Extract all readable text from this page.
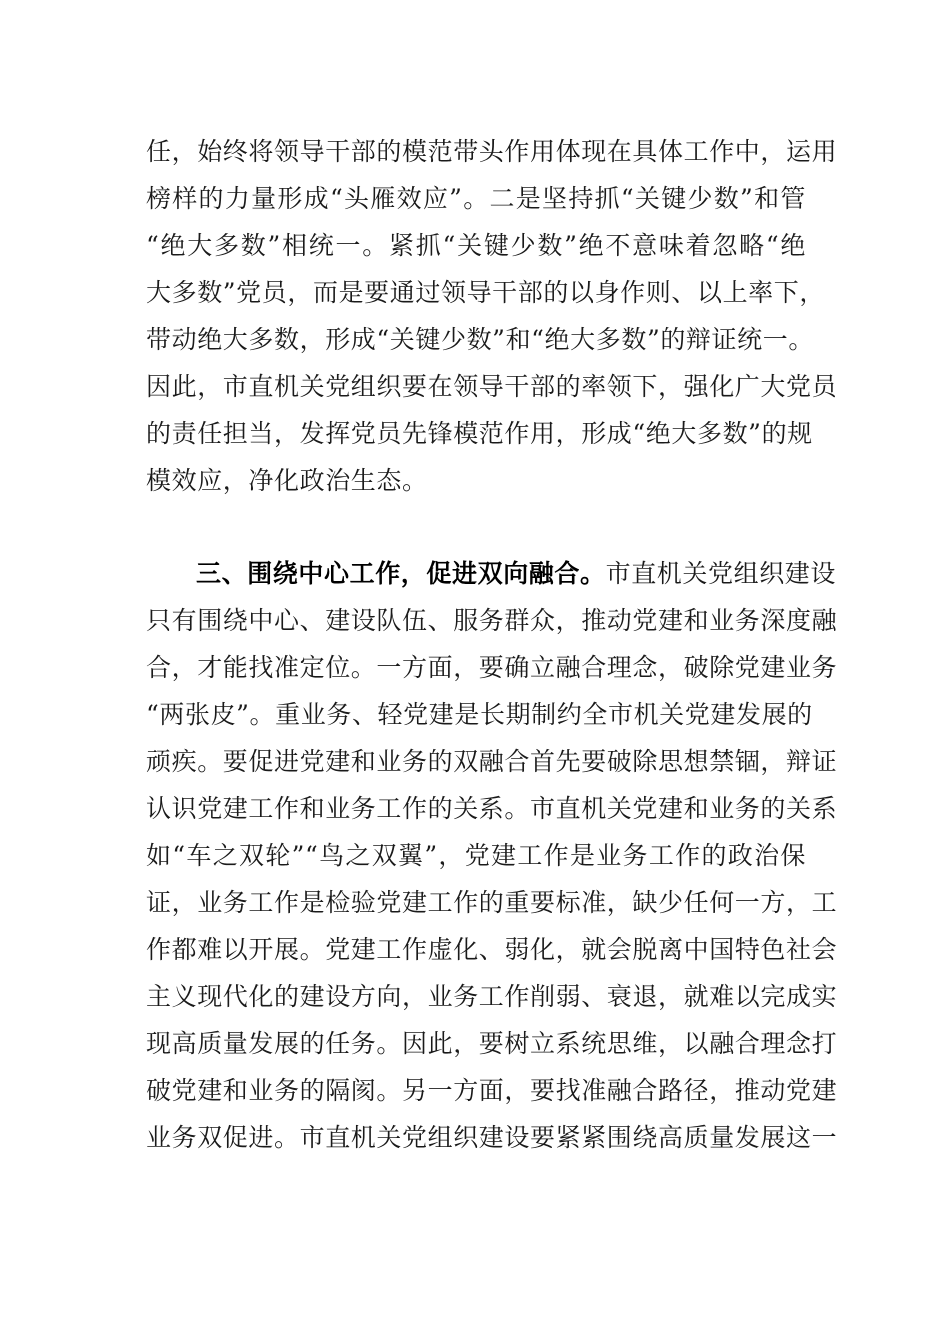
任，始终将领导干部的模范带头作用体现在具体工作中，运用
榜样的力量形成“头雁效应”。二是坚持抓“关键少数”和管
“绝大多数”相统一。紧抓“关键少数”绝不意味着忽略“绝
大多数”党员，而是要通过领导干部的以身作则、以上率下，
带动绝大多数，形成“关键少数”和“绝大多数”的辩证统一。
因此，市直机关党组织要在领导干部的率领下，强化广大党员
的责任担当，发挥党员先锋模范作用，形成“绝大多数”的规
模效应，净化政治生态。
三、围绕中心工作，促进双向融合。市直机关党组织建设
只有围绕中心、建设队伍、服务群众，推动党建和业务深度融
合，才能找准定位。一方面，要确立融合理念，破除党建业务
“两张皮”。重业务、轻党建是长期制约全市机关党建发展的
顽疾。要促进党建和业务的双融合首先要破除思想禁锢，辩证
认识党建工作和业务工作的关系。市直机关党建和业务的关系
如“车之双轮”“鸟之双翼”，党建工作是业务工作的政治保
证，业务工作是检验党建工作的重要标准，缺少任何一方，工
作都难以开展。党建工作虚化、弱化，就会脱离中国特色社会
主义现代化的建设方向，业务工作削弱、衰退，就难以完成实
现高质量发展的任务。因此，要树立系统思维，以融合理念打
破党建和业务的隔阂。另一方面，要找准融合路径，推动党建
业务双促进。市直机关党组织建设要紧紧围绕高质量发展这一
